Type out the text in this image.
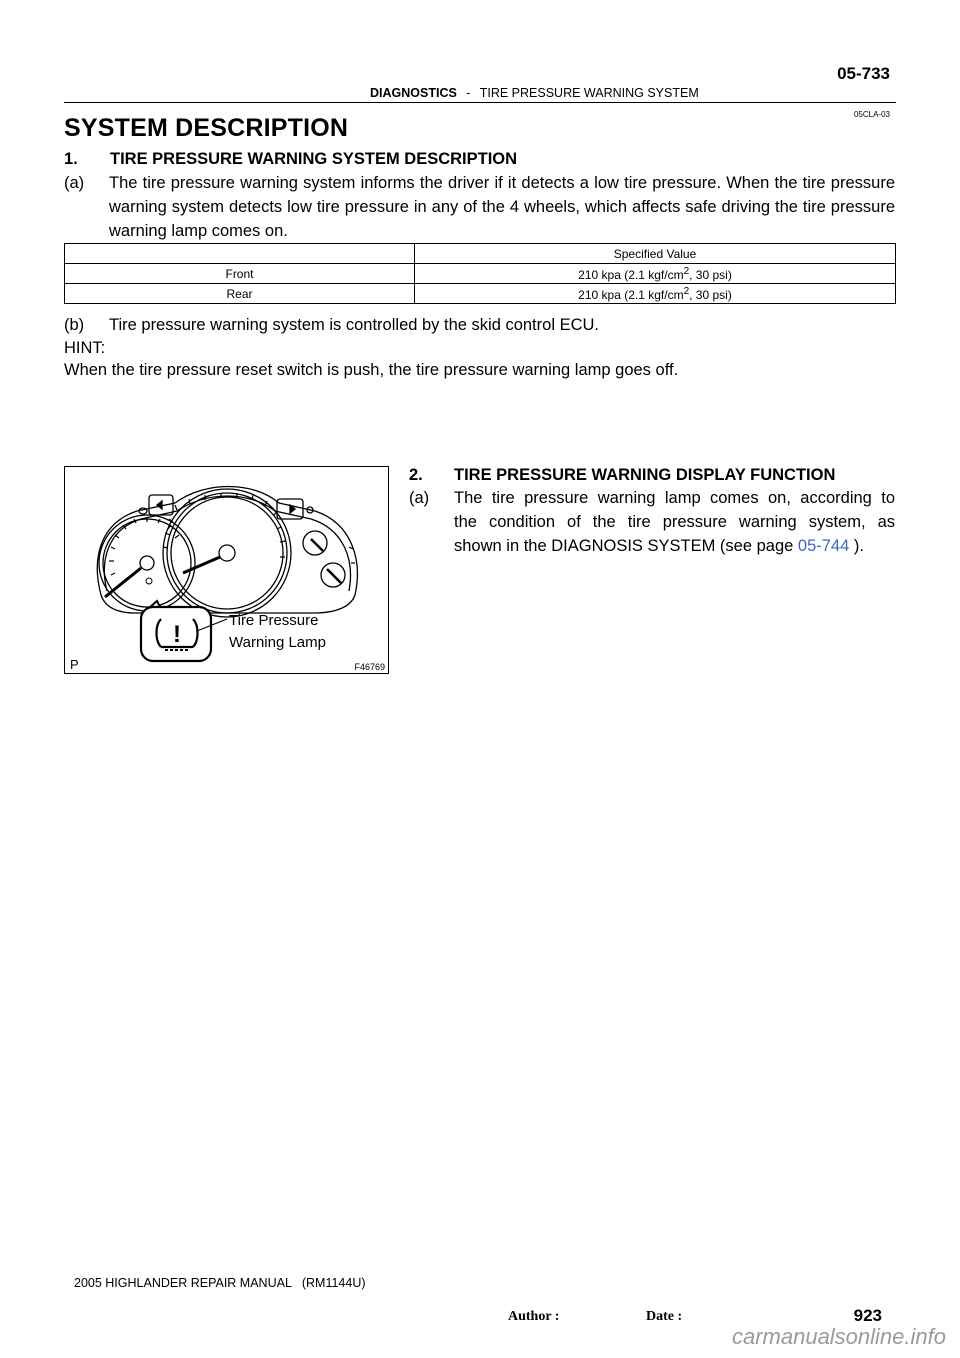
05-733
DIAGNOSTICS - TIRE PRESSURE WARNING SYSTEM
05CLA-03
SYSTEM DESCRIPTION
1. TIRE PRESSURE WARNING SYSTEM DESCRIPTION
(a) The tire pressure warning system informs the driver if it detects a low tire pressure. When the tire pressure warning system detects low tire pressure in any of the 4 wheels, which affects safe driving the tire pressure warning lamp comes on.
	Specified Value
Front	210 kpa (2.1 kgf/$cm^2$, 30 psi)
Rear	210 kpa (2.1 kgf/$cm^2$, 30 psi)
(b) Tire pressure warning system is controlled by the skid control ECU.
HINT:
When the tire pressure reset switch is push, the tire pressure warning lamp goes off.
!
Tire Pressure
Warning Lamp
P	F46769
2. TIRE PRESSURE WARNING DISPLAY FUNCTION
(a) The tire pressure warning lamp comes on, according to
the condition of the tire pressure warning system, as
shown in the DIAGNOSIS SYSTEM (see page 05-744 ).
2005 HIGHLANDER REPAIR MANUAL   (RM1144U)
Author :	Date :	923
carmanualsonline.info
